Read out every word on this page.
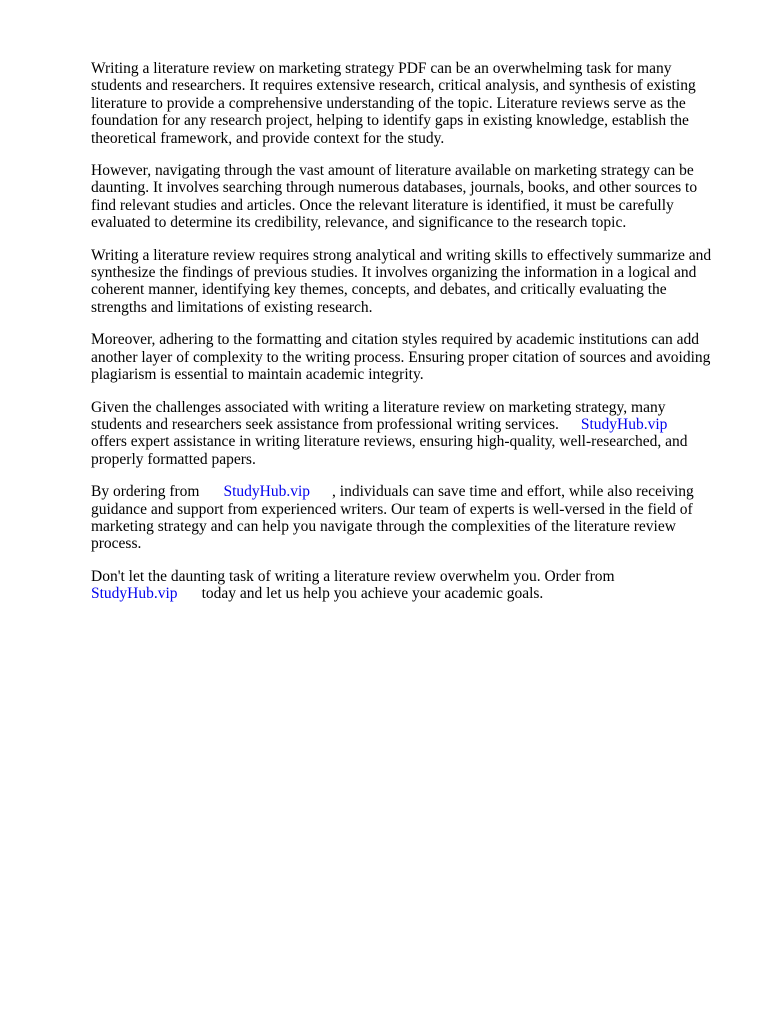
Writing a literature review on marketing strategy PDF can be an overwhelming task for many
students and researchers. It requires extensive research, critical analysis, and synthesis of existing
literature to provide a comprehensive understanding of the topic. Literature reviews serve as the
foundation for any research project, helping to identify gaps in existing knowledge, establish the
theoretical framework, and provide context for the study.

However, navigating through the vast amount of literature available on marketing strategy can be
daunting. It involves searching through numerous databases, journals, books, and other sources to
find relevant studies and articles. Once the relevant literature is identified, it must be carefully
evaluated to determine its credibility, relevance, and significance to the research topic.

Writing a literature review requires strong analytical and writing skills to effectively summarize and
synthesize the findings of previous studies. It involves organizing the information in a logical and
coherent manner, identifying key themes, concepts, and debates, and critically evaluating the
strengths and limitations of existing research.

Moreover, adhering to the formatting and citation styles required by academic institutions can add
another layer of complexity to the writing process. Ensuring proper citation of sources and avoiding
plagiarism is essential to maintain academic integrity.

Given the challenges associated with writing a literature review on marketing strategy, many
students and researchers seek assistance from professional writing services. StudyHub.vip
offers expert assistance in writing literature reviews, ensuring high-quality, well-researched, and
properly formatted papers.

By ordering from StudyHub.vip , individuals can save time and effort, while also receiving
guidance and support from experienced writers. Our team of experts is well-versed in the field of
marketing strategy and can help you navigate through the complexities of the literature review
process.

Don't let the daunting task of writing a literature review overwhelm you. Order from
StudyHub.vip today and let us help you achieve your academic goals.
